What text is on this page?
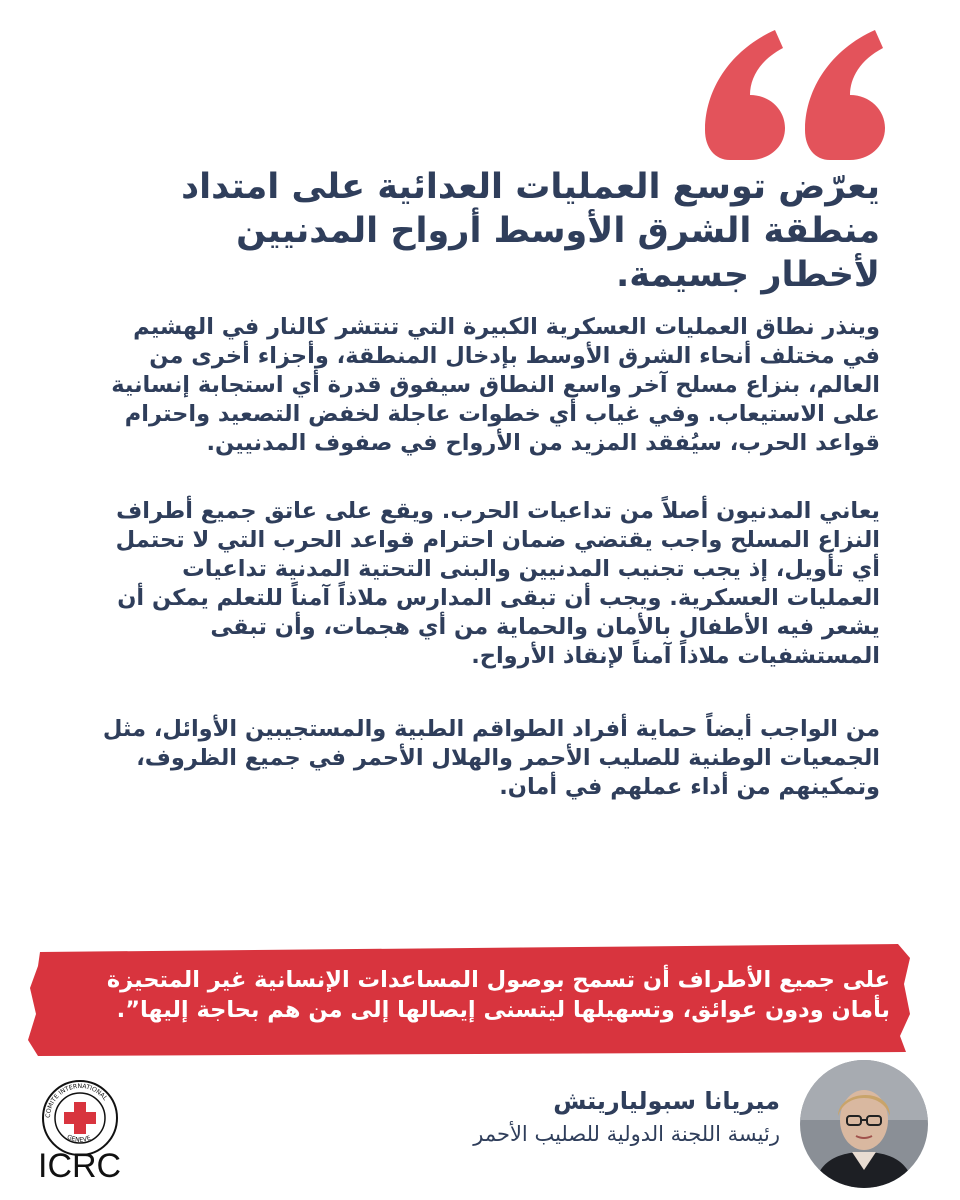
يعرّض توسع العمليات العدائية على امتداد منطقة الشرق الأوسط أرواح المدنيين لأخطار جسيمة.

وينذر نطاق العمليات العسكرية الكبيرة التي تنتشر كالنار في الهشيم في مختلف أنحاء الشرق الأوسط بإدخال المنطقة، وأجزاء أخرى من العالم، بنزاع مسلح آخر واسع النطاق سيفوق قدرة أي استجابة إنسانية على الاستيعاب. وفي غياب أي خطوات عاجلة لخفض التصعيد واحترام قواعد الحرب، سيُفقد المزيد من الأرواح في صفوف المدنيين.

يعاني المدنيون أصلاً من تداعيات الحرب. ويقع على عاتق جميع أطراف النزاع المسلح واجب يقتضي ضمان احترام قواعد الحرب التي لا تحتمل أي تأويل، إذ يجب تجنيب المدنيين والبنى التحتية المدنية تداعيات العمليات العسكرية. ويجب أن تبقى المدارس ملاذاً آمناً للتعلم يمكن أن يشعر فيه الأطفال بالأمان والحماية من أي هجمات، وأن تبقى المستشفيات ملاذاً آمناً لإنقاذ الأرواح.

من الواجب أيضاً حماية أفراد الطواقم الطبية والمستجيبين الأوائل، مثل الجمعيات الوطنية للصليب الأحمر والهلال الأحمر في جميع الظروف، وتمكينهم من أداء عملهم في أمان.

على جميع الأطراف أن تسمح بوصول المساعدات الإنسانية غير المتحيزة بأمان ودون عوائق، وتسهيلها ليتسنى إيصالها إلى من هم بحاجة إليها”.

COMITE INTERNATIONAL
GENEVE
ICRC

ميريانا سبولياريتش

رئيسة اللجنة الدولية للصليب الأحمر
